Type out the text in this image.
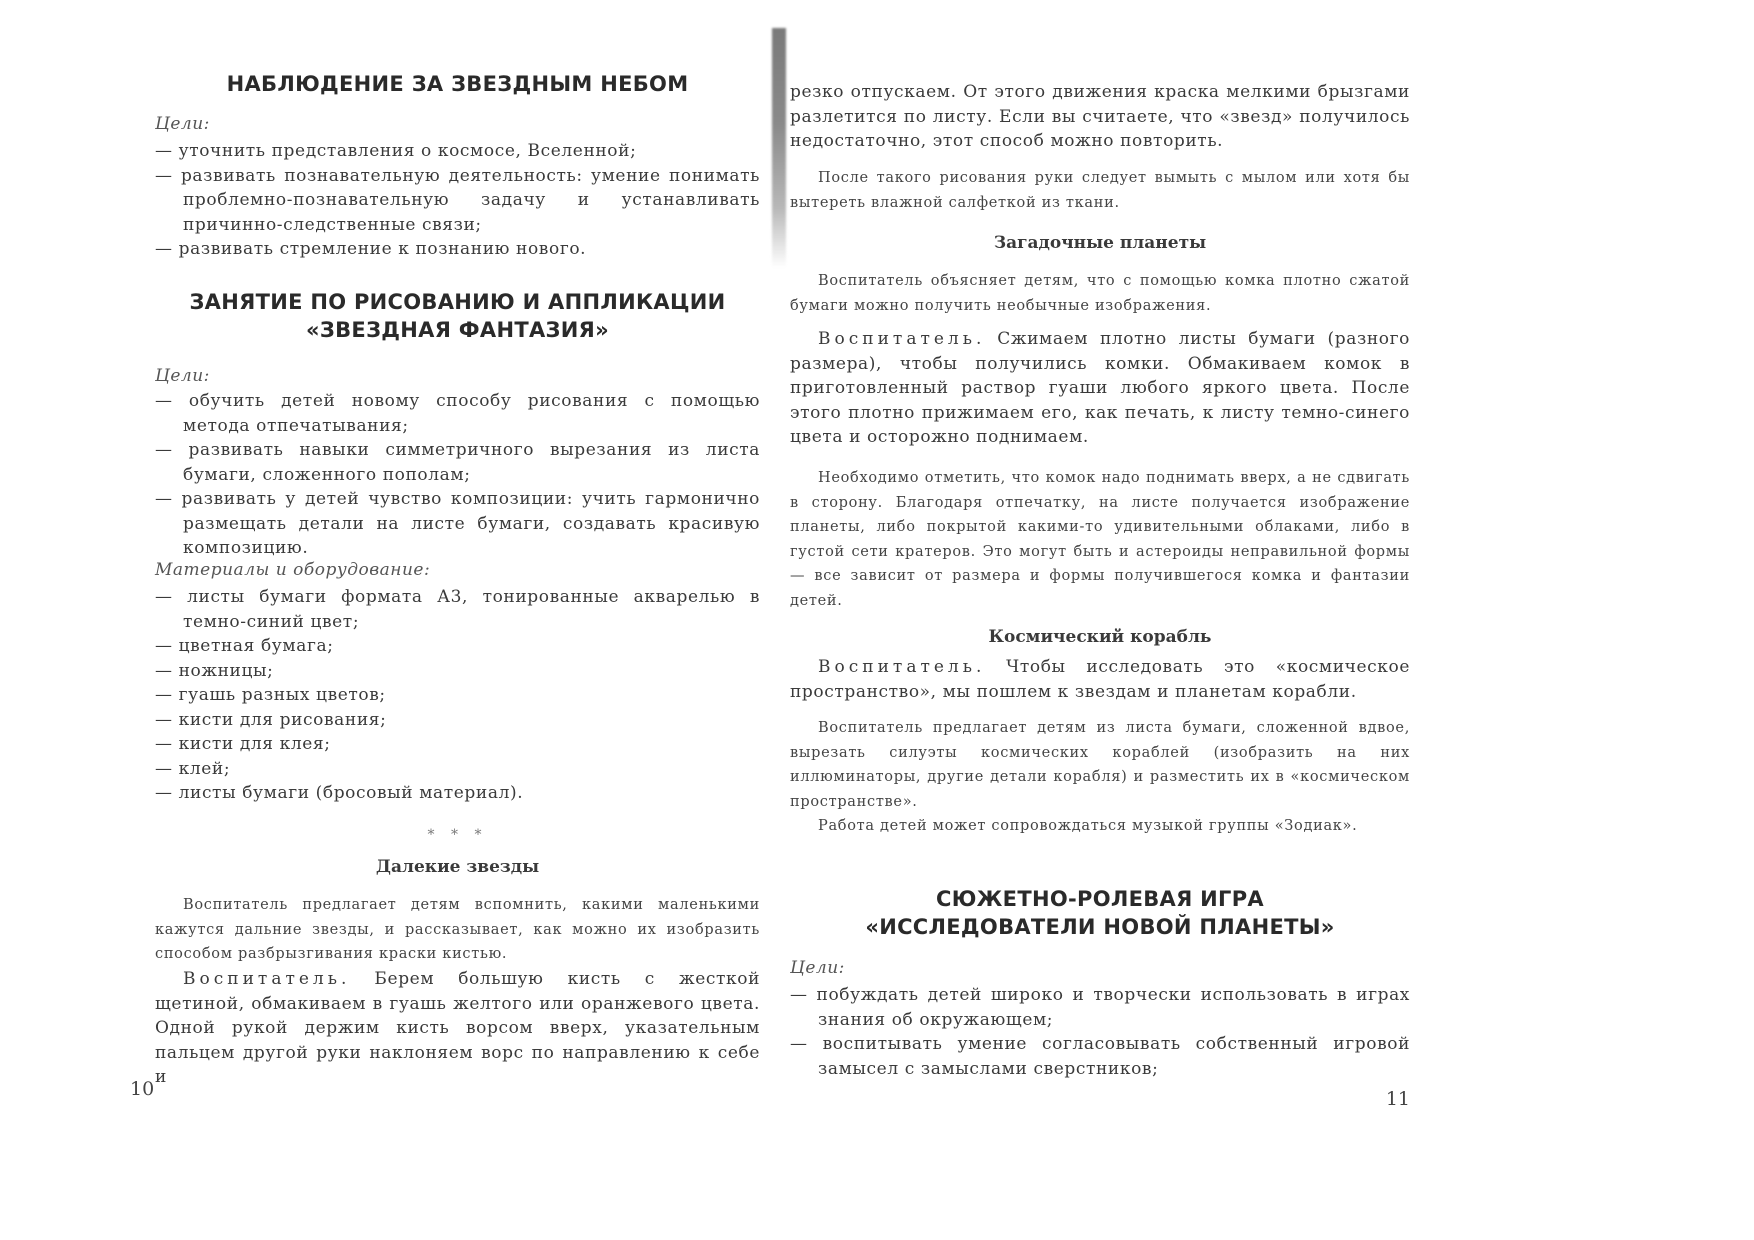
НАБЛЮДЕНИЕ ЗА ЗВЕЗДНЫМ НЕБОМ

Цели:

— уточнить представления о космосе, Вселенной;
— развивать познавательную деятельность: умение понимать проблемно-познавательную задачу и устанавливать причинно-следственные связи;
— развивать стремление к познанию нового.
ЗАНЯТИЕ ПО РИСОВАНИЮ И АППЛИКАЦИИ
«ЗВЕЗДНАЯ ФАНТАЗИЯ»

Цели:

— обучить детей новому способу рисования с помощью метода отпечатывания;
— развивать навыки симметричного вырезания из листа бумаги, сложенного пополам;
— развивать у детей чувство композиции: учить гармонично размещать детали на листе бумаги, создавать красивую композицию.

Материалы и оборудование:

— листы бумаги формата А3, тонированные акварелью в темно-синий цвет;
— цветная бумага;
— ножницы;
— гуашь разных цветов;
— кисти для рисования;
— кисти для клея;
— клей;
— листы бумаги (бросовый материал).
* * *
Далекие звезды

Воспитатель предлагает детям вспомнить, какими маленькими кажутся дальние звезды, и рассказывает, как можно их изобразить способом разбрызгивания краски кистью.

Воспитатель. Берем большую кисть с жесткой щетиной, обмакиваем в гуашь желтого или оранжевого цвета. Одной рукой держим кисть ворсом вверх, указательным пальцем другой руки наклоняем ворс по направлению к себе и

10

резко отпускаем. От этого движения краска мелкими брызгами разлетится по листу. Если вы считаете, что «звезд» получилось недостаточно, этот способ можно повторить.

После такого рисования руки следует вымыть с мылом или хотя бы вытереть влажной салфеткой из ткани.

Загадочные планеты

Воспитатель объясняет детям, что с помощью комка плотно сжатой бумаги можно получить необычные изображения.

Воспитатель. Сжимаем плотно листы бумаги (разного размера), чтобы получились комки. Обмакиваем комок в приготовленный раствор гуаши любого яркого цвета. После этого плотно прижимаем его, как печать, к листу темно-синего цвета и осторожно поднимаем.

Необходимо отметить, что комок надо поднимать вверх, а не сдвигать в сторону. Благодаря отпечатку, на листе получается изображение планеты, либо покрытой какими-то удивительными облаками, либо в густой сети кратеров. Это могут быть и астероиды неправильной формы — все зависит от размера и формы получившегося комка и фантазии детей.

Космический корабль

Воспитатель. Чтобы исследовать это «космическое пространство», мы пошлем к звездам и планетам корабли.

Воспитатель предлагает детям из листа бумаги, сложенной вдвое, вырезать силуэты космических кораблей (изобразить на них иллюминаторы, другие детали корабля) и разместить их в «космическом пространстве».

Работа детей может сопровождаться музыкой группы «Зодиак».

СЮЖЕТНО-РОЛЕВАЯ ИГРА
«ИССЛЕДОВАТЕЛИ НОВОЙ ПЛАНЕТЫ»

Цели:

— побуждать детей широко и творчески использовать в играх знания об окружающем;
— воспитывать умение согласовывать собственный игровой замысел с замыслами сверстников;
11
